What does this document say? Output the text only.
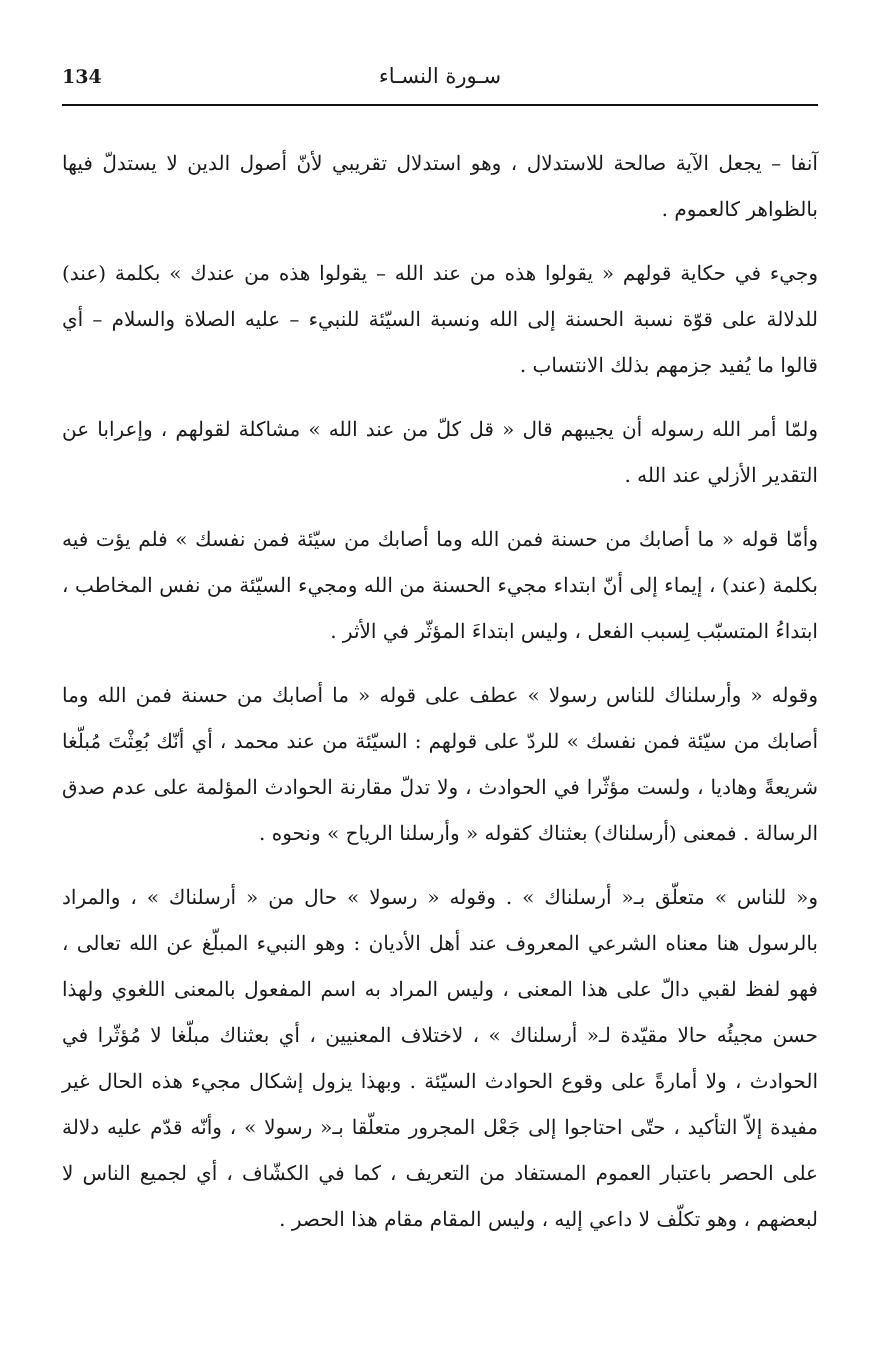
134	سـورة النسـاء

آنفا – يجعل الآية صالحة للاستدلال ، وهو استدلال تقريبي لأنّ أصول الدين لا يستدلّ فيها بالظواهر كالعموم .

وجيء في حكاية قولهم « يقولوا هذه من عند الله – يقولوا هذه من عندك » بكلمة (عند) للدلالة على قوّة نسبة الحسنة إلى الله ونسبة السيّئة للنبيء – عليه الصلاة والسلام – أي قالوا ما يُفيد جزمهم بذلك الانتساب .

ولمّا أمر الله رسوله أن يجيبهم قال « قل كلّ من عند الله » مشاكلة لقولهم ، وإعرابا عن التقدير الأزلي عند الله .

وأمّا قوله « ما أصابك من حسنة فمن الله وما أصابك من سيّئة فمن نفسك » فلم يؤت فيه بكلمة (عند) ، إيماء إلى أنّ ابتداء مجيء الحسنة من الله ومجيء السيّئة من نفس المخاطب ، ابتداءُ المتسبّب لِسبب الفعل ، وليس ابتداءَ المؤثّر في الأثر .

وقوله « وأرسلناك للناس رسولا » عطف على قوله « ما أصابك من حسنة فمن الله وما أصابك من سيّئة فمن نفسك » للردّ على قولهم : السيّئة من عند محمد ، أي أنّك بُعِثْتَ مُبلّغا شريعةً وهاديا ، ولست مؤثّرا في الحوادث ، ولا تدلّ مقارنة الحوادث المؤلمة على عدم صدق الرسالة . فمعنى (أرسلناك) بعثناك كقوله « وأرسلنا الرياح » ونحوه .

و« للناس » متعلّق بـ« أرسلناك » . وقوله « رسولا » حال من « أرسلناك » ، والمراد بالرسول هنا معناه الشرعي المعروف عند أهل الأديان : وهو النبيء المبلّغ عن الله تعالى ، فهو لفظ لقبي دالّ على هذا المعنى ، وليس المراد به اسم المفعول بالمعنى اللغوي ولهذا حسن مجيئُه حالا مقيّدة لـ« أرسلناك » ، لاختلاف المعنيين ، أي بعثناك مبلّغا لا مُؤثّرا في الحوادث ، ولا أمارةً على وقوع الحوادث السيّئة . وبهذا يزول إشكال مجيء هذه الحال غير مفيدة إلاّ التأكيد ، حتّى احتاجوا إلى جَعْل المجرور متعلّقا بـ« رسولا » ، وأنّه قدّم عليه دلالة على الحصر باعتبار العموم المستفاد من التعريف ، كما في الكشّاف ، أي لجميع الناس لا لبعضهم ، وهو تكلّف لا داعي إليه ، وليس المقام مقام هذا الحصر .
